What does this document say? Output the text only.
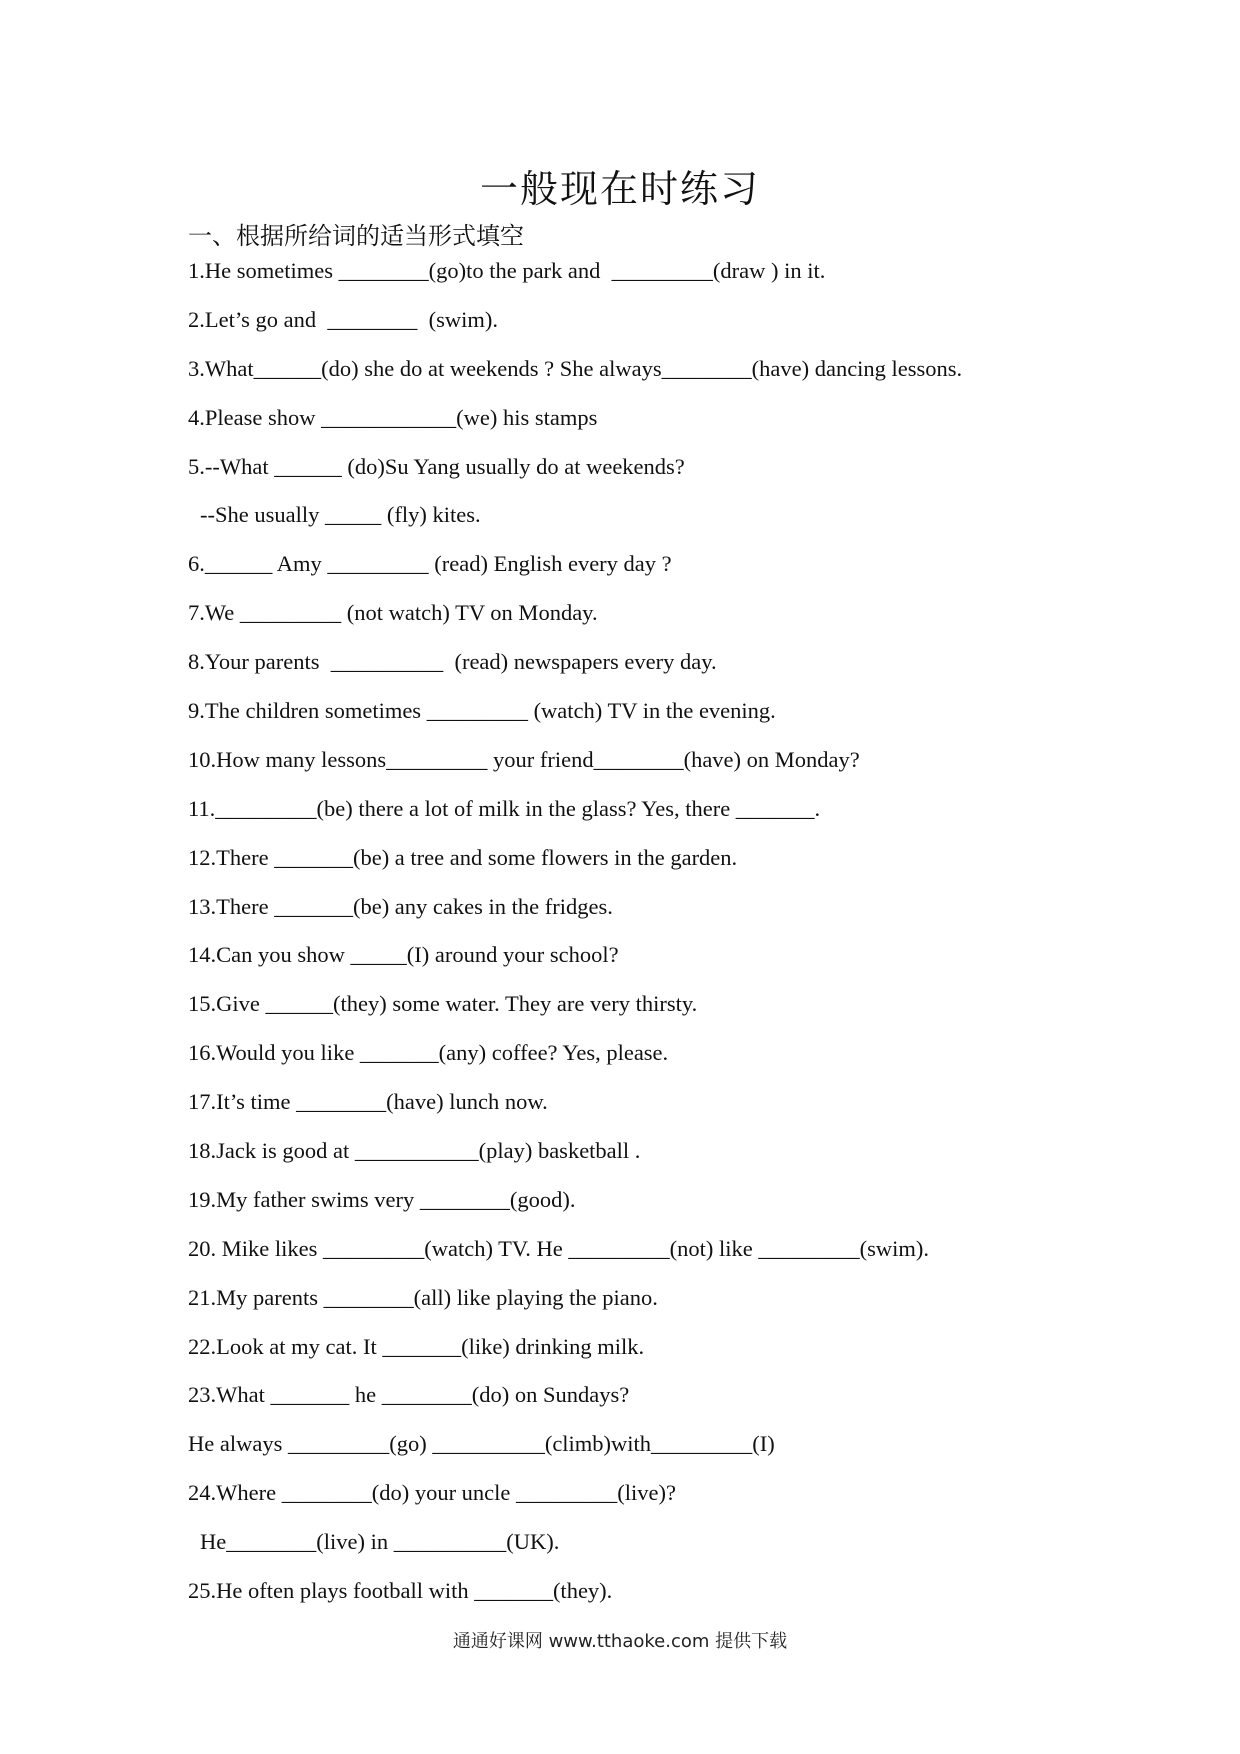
一般现在时练习
一、根据所给词的适当形式填空
1.He sometimes ________(go)to the park and  _________(draw ) in it.
2.Let’s go and  ________  (swim).
3.What______(do) she do at weekends ? She always________(have) dancing lessons.
4.Please show ____________(we) his stamps
5.--What ______ (do)Su Yang usually do at weekends?
--She usually _____ (fly) kites.
6.______ Amy _________ (read) English every day ?
7.We _________ (not watch) TV on Monday.
8.Your parents  __________  (read) newspapers every day.
9.The children sometimes _________ (watch) TV in the evening.
10.How many lessons_________ your friend________(have) on Monday?
11._________(be) there a lot of milk in the glass? Yes, there _______.
12.There _______(be) a tree and some flowers in the garden.
13.There _______(be) any cakes in the fridges.
14.Can you show _____(I) around your school?
15.Give ______(they) some water. They are very thirsty.
16.Would you like _______(any) coffee? Yes, please.
17.It’s time ________(have) lunch now.
18.Jack is good at ___________(play) basketball .
19.My father swims very ________(good).
20. Mike likes _________(watch) TV. He _________(not) like _________(swim).
21.My parents ________(all) like playing the piano.
22.Look at my cat. It _______(like) drinking milk.
23.What _______ he ________(do) on Sundays?
He always _________(go) __________(climb)with_________(I)
24.Where ________(do) your uncle _________(live)?
He________(live) in __________(UK).
25.He often plays football with _______(they).
通通好课网 www.tthaoke.com 提供下载
